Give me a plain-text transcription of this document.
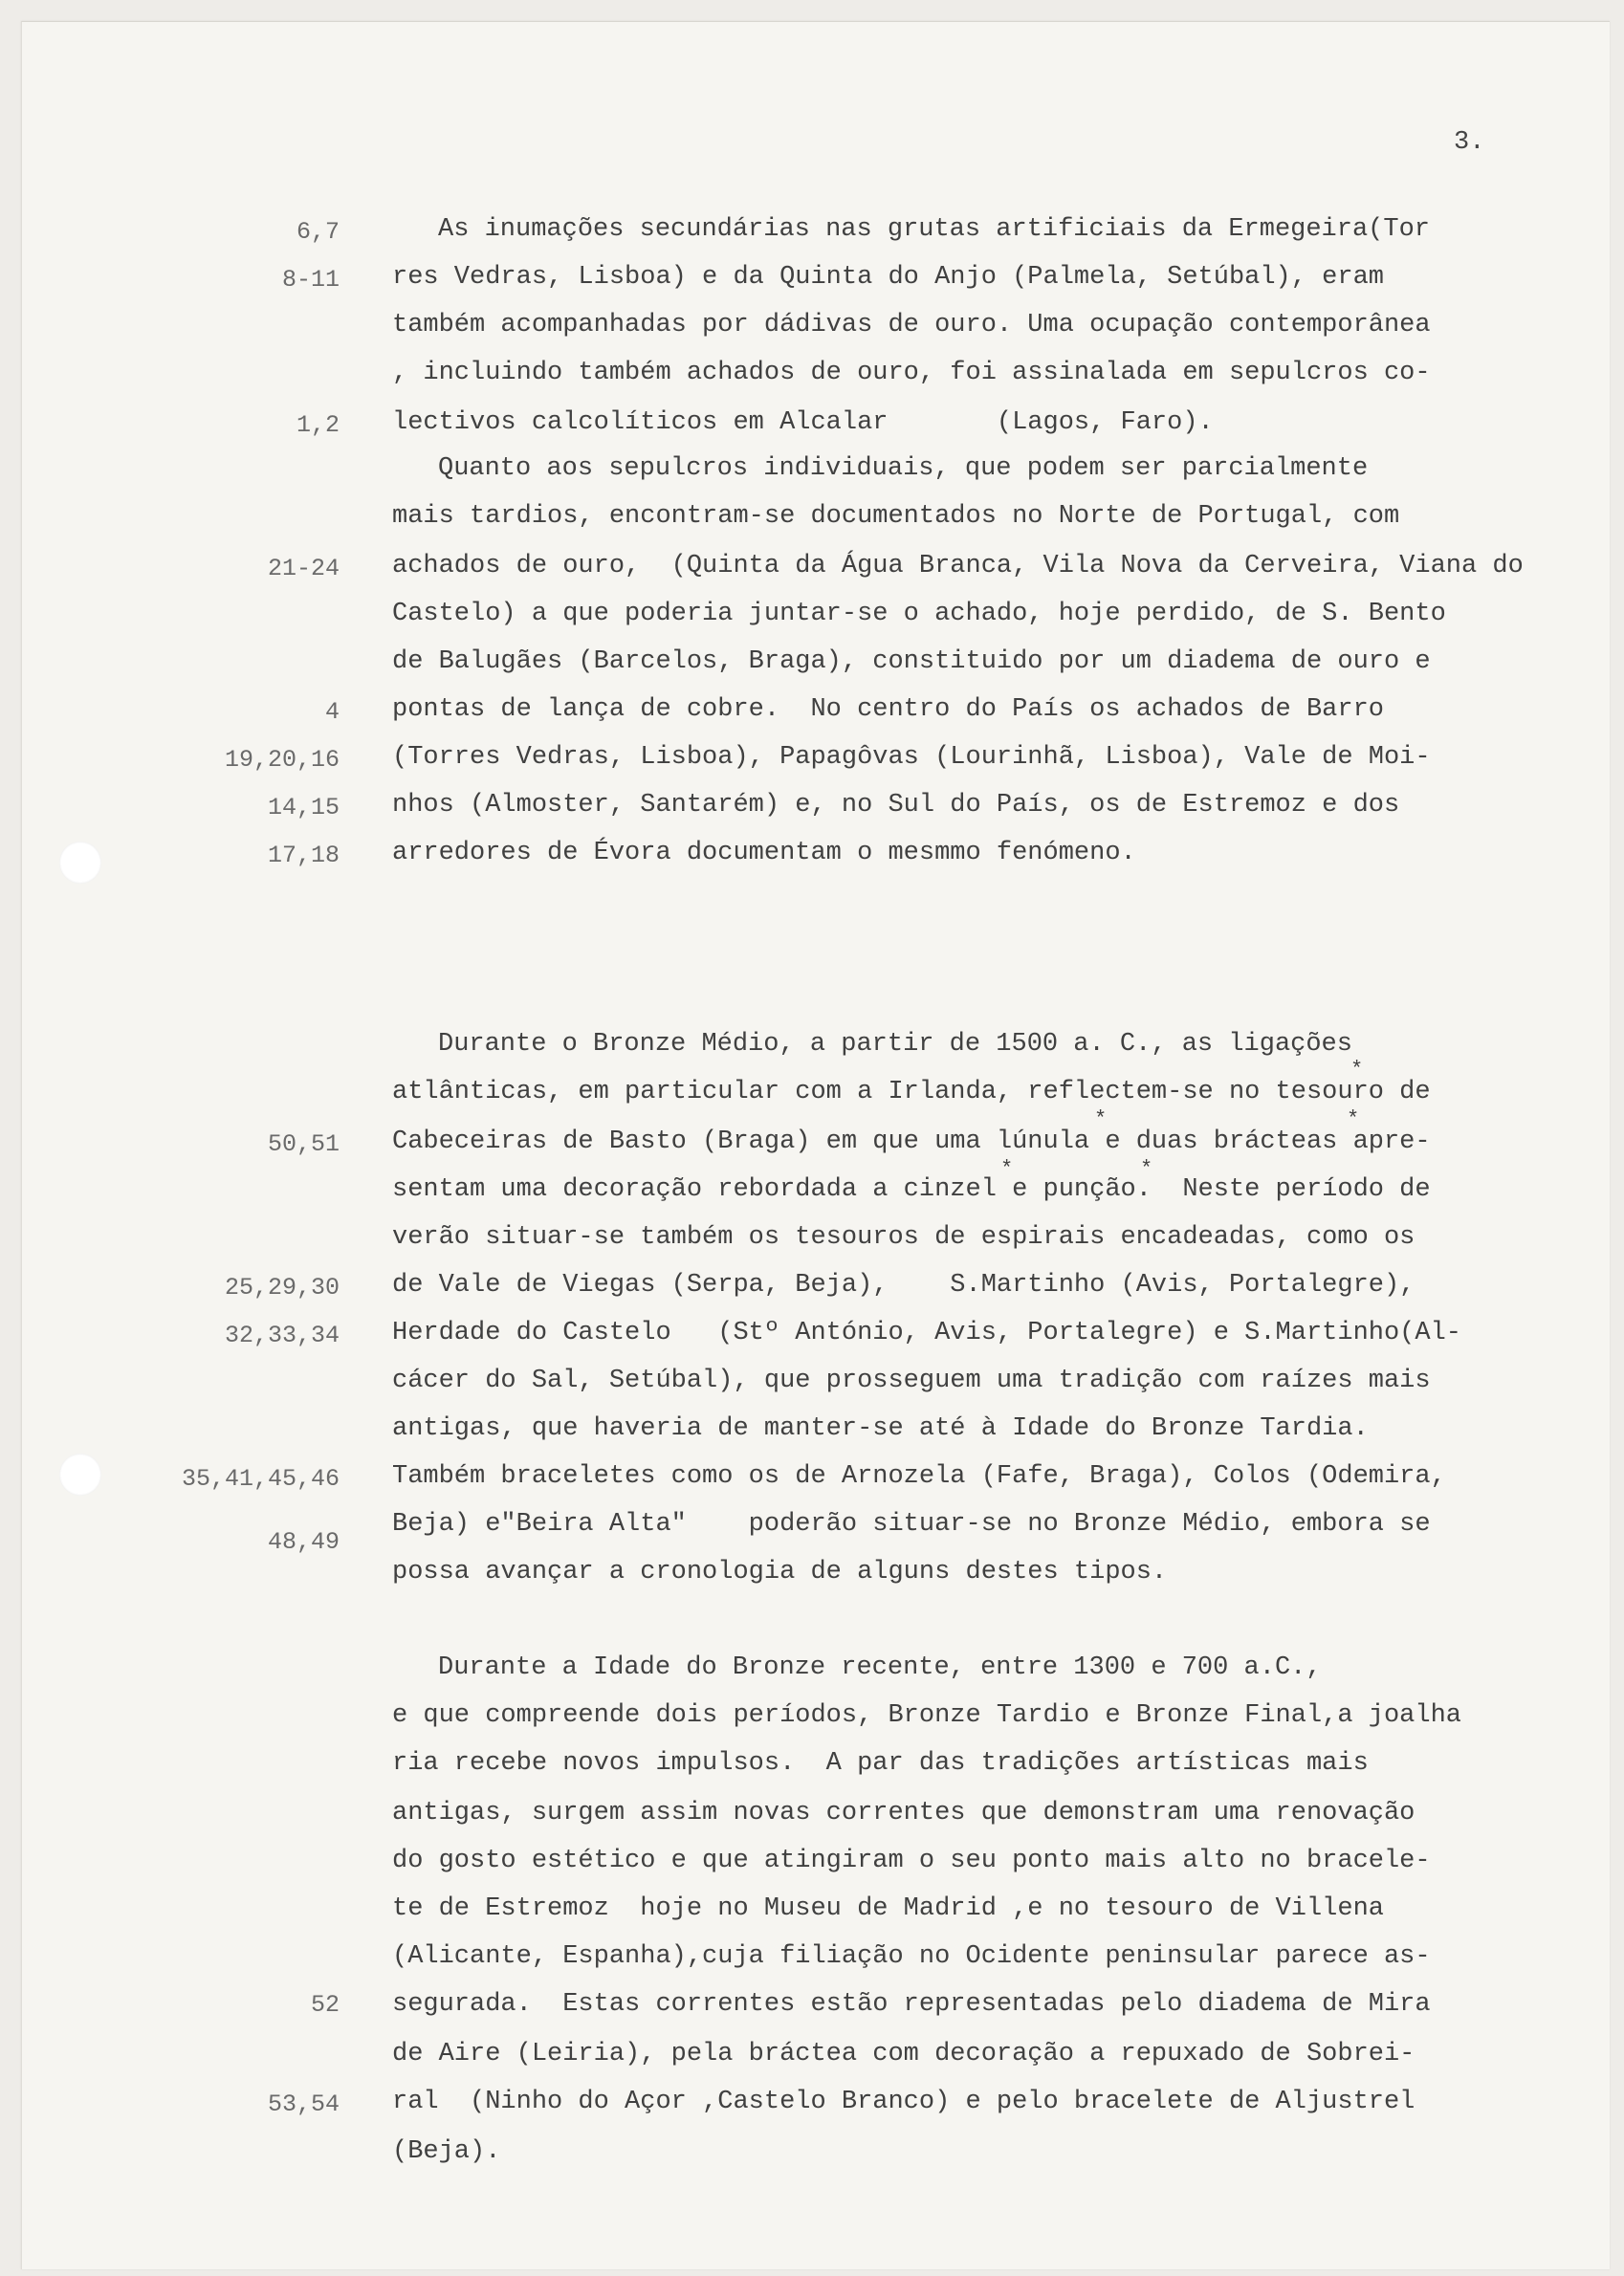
3.
6,7
8-11
1,2
21-24
4
19,20,16
14,15
17,18
50,51
25,29,30
32,33,34
35,41,45,46
48,49
52
53,54
As inumações secundárias nas grutas artificiais da Ermegeira(Tor
res Vedras, Lisboa) e da Quinta do Anjo (Palmela, Setúbal), eram
também acompanhadas por dádivas de ouro. Uma ocupação contemporânea
, incluindo também achados de ouro, foi assinalada em sepulcros co-
lectivos calcolíticos em Alcalar       (Lagos, Faro).
Quanto aos sepulcros individuais, que podem ser parcialmente
mais tardios, encontram-se documentados no Norte de Portugal, com
achados de ouro,  (Quinta da Água Branca, Vila Nova da Cerveira, Viana do
Castelo) a que poderia juntar-se o achado, hoje perdido, de S. Bento
de Balugães (Barcelos, Braga), constituido por um diadema de ouro e
pontas de lança de cobre.  No centro do País os achados de Barro
(Torres Vedras, Lisboa), Papagôvas (Lourinhã, Lisboa), Vale de Moi-
nhos (Almoster, Santarém) e, no Sul do País, os de Estremoz e dos
arredores de Évora documentam o mesmmo fenómeno.
Durante o Bronze Médio, a partir de 1500 a. C., as ligações
atlânticas, em particular com a Irlanda, reflectem-se no tesouro de
Cabeceiras de Basto (Braga) em que uma lúnula e duas brácteas apre-
sentam uma decoração rebordada a cinzel e punção.  Neste período de
verão situar-se também os tesouros de espirais encadeadas, como os
de Vale de Viegas (Serpa, Beja),    S.Martinho (Avis, Portalegre),
Herdade do Castelo   (Stº António, Avis, Portalegre) e S.Martinho(Al-
cácer do Sal, Setúbal), que prosseguem uma tradição com raízes mais
antigas, que haveria de manter-se até à Idade do Bronze Tardia.
Também braceletes como os de Arnozela (Fafe, Braga), Colos (Odemira,
Beja) e"Beira Alta"    poderão situar-se no Bronze Médio, embora se
possa avançar a cronologia de alguns destes tipos.
Durante a Idade do Bronze recente, entre 1300 e 700 a.C.,
e que compreende dois períodos, Bronze Tardio e Bronze Final,a joalha
ria recebe novos impulsos.  A par das tradições artísticas mais
antigas, surgem assim novas correntes que demonstram uma renovação
do gosto estético e que atingiram o seu ponto mais alto no bracele-
te de Estremoz  hoje no Museu de Madrid ,e no tesouro de Villena
(Alicante, Espanha),cuja filiação no Ocidente peninsular parece as-
segurada.  Estas correntes estão representadas pelo diadema de Mira
de Aire (Leiria), pela bráctea com decoração a repuxado de Sobrei-
ral  (Ninho do Açor ,Castelo Branco) e pelo bracelete de Aljustrel
(Beja).
*
*	*
*	*
